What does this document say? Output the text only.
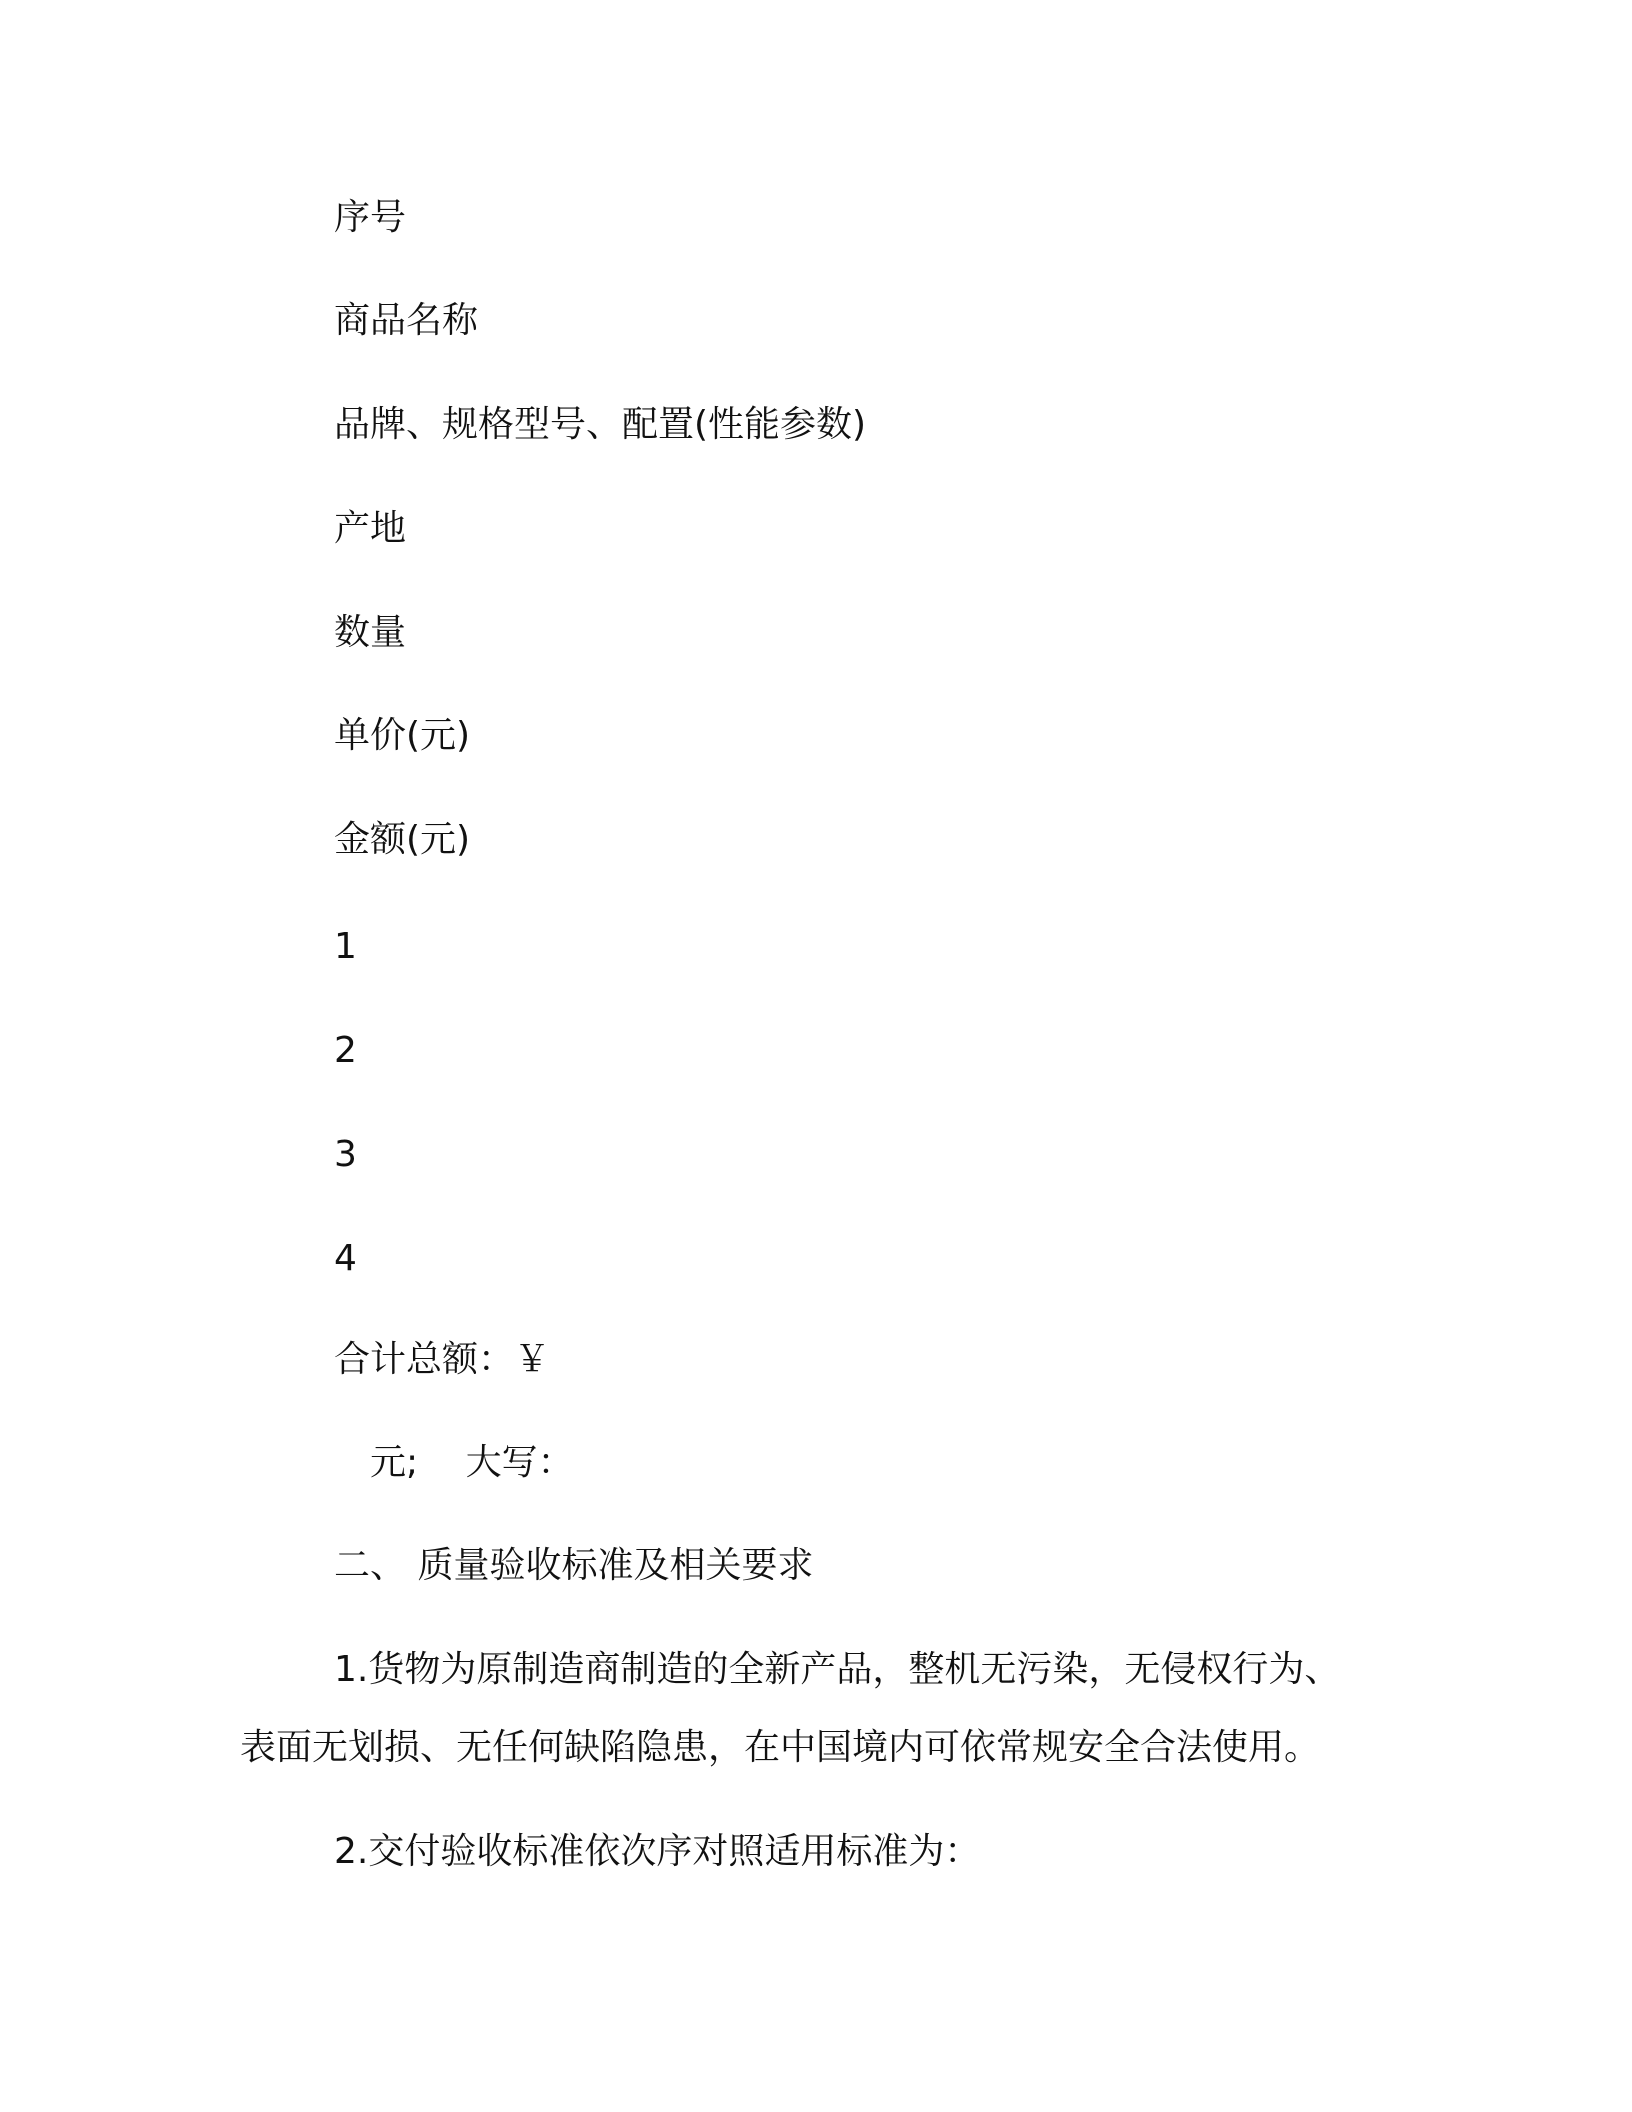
序号
商品名称
品牌、规格型号、配置(性能参数)
产地
数量
单价(元)
金额(元)
1
2
3
4
合计总额：￥
元;　 大写：
二、 质量验收标准及相关要求
1.货物为原制造商制造的全新产品，整机无污染，无侵权行为、
表面无划损、无任何缺陷隐患，在中国境内可依常规安全合法使用。
2.交付验收标准依次序对照适用标准为：
